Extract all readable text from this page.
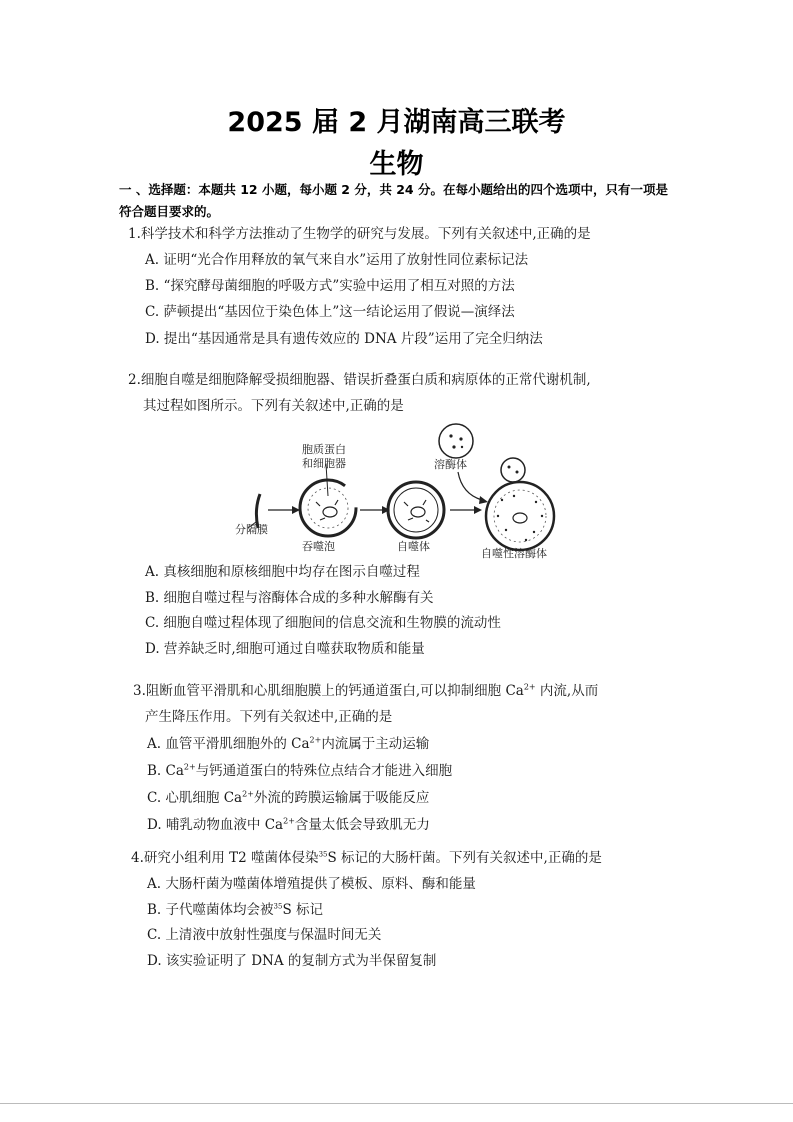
2025 届 2 月湖南高三联考
生物
一 、选择题：本题共 12 小题，每小题 2 分，共 24 分。在每小题给出的四个选项中，只有一项是符合题目要求的。
1.科学技术和科学方法推动了生物学的研究与发展。下列有关叙述中,正确的是
A. 证明“光合作用释放的氧气来自水”运用了放射性同位素标记法
B. “探究酵母菌细胞的呼吸方式”实验中运用了相互对照的方法
C. 萨顿提出“基因位于染色体上”这一结论运用了假说—演绎法
D. 提出“基因通常是具有遗传效应的 DNA 片段”运用了完全归纳法
2.细胞自噬是细胞降解受损细胞器、错误折叠蛋白质和病原体的正常代谢机制,
其过程如图所示。下列有关叙述中,正确的是
分隔膜
胞质蛋白
和细胞器
吞噬泡	自噬体
溶酶体
自噬性溶酶体
A. 真核细胞和原核细胞中均存在图示自噬过程
B. 细胞自噬过程与溶酶体合成的多种水解酶有关
C. 细胞自噬过程体现了细胞间的信息交流和生物膜的流动性
D. 营养缺乏时,细胞可通过自噬获取物质和能量
3.阻断血管平滑肌和心肌细胞膜上的钙通道蛋白,可以抑制细胞 $Ca^{2+}$ 内流,从而
产生降压作用。下列有关叙述中,正确的是
A. 血管平滑肌细胞外的 $Ca^{2+}$内流属于主动运输
B. $Ca^{2+}$与钙通道蛋白的特殊位点结合才能进入细胞
C. 心肌细胞 $Ca^{2+}$外流的跨膜运输属于吸能反应
D. 哺乳动物血液中 $Ca^{2+}$含量太低会导致肌无力
4.研究小组利用 T2 噬菌体侵染$^{35}$S 标记的大肠杆菌。下列有关叙述中,正确的是
A. 大肠杆菌为噬菌体增殖提供了模板、原料、酶和能量
B. 子代噬菌体均会被$^{35}$S 标记
C. 上清液中放射性强度与保温时间无关
D. 该实验证明了 DNA 的复制方式为半保留复制
